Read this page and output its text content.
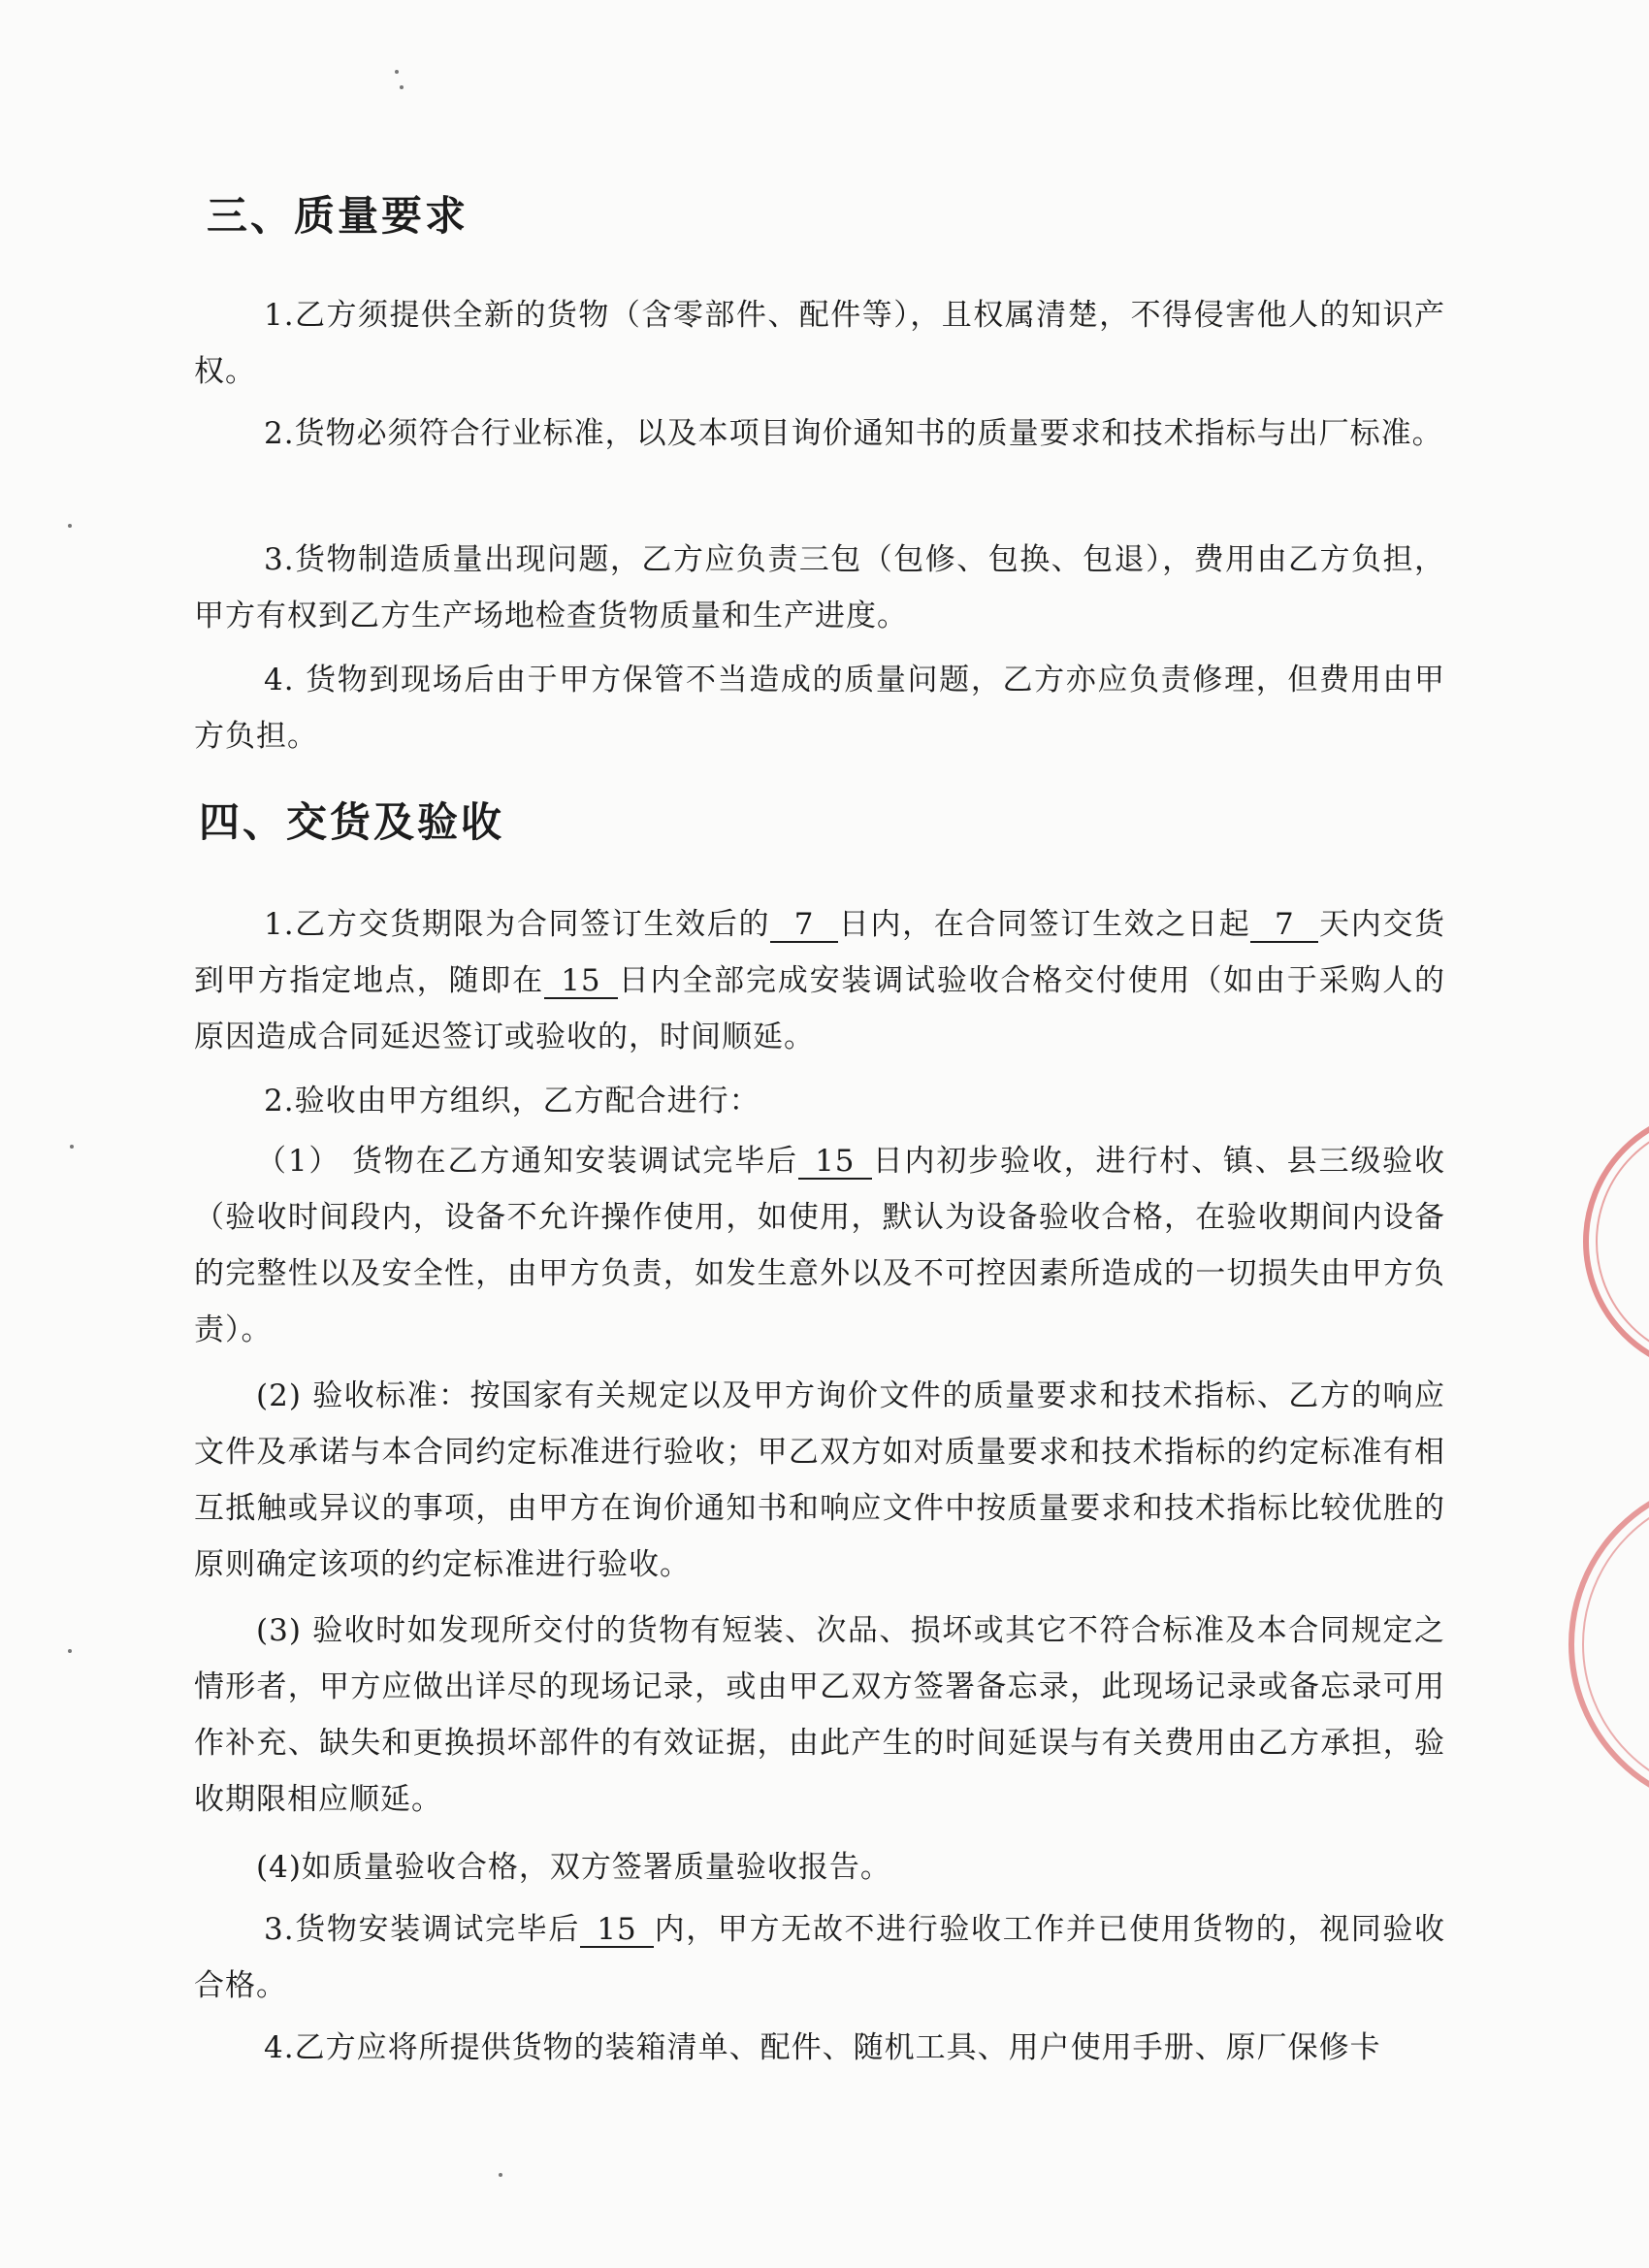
三、质量要求

1.乙方须提供全新的货物（含零部件、配件等），且权属清楚，不得侵害他人的知识产权。

2.货物必须符合行业标准，以及本项目询价通知书的质量要求和技术指标与出厂标准。

3.货物制造质量出现问题，乙方应负责三包（包修、包换、包退），费用由乙方负担，甲方有权到乙方生产场地检查货物质量和生产进度。

4. 货物到现场后由于甲方保管不当造成的质量问题，乙方亦应负责修理，但费用由甲方负担。

四、交货及验收

1.乙方交货期限为合同签订生效后的 7 日内，在合同签订生效之日起 7 天内交货到甲方指定地点，随即在 15 日内全部完成安装调试验收合格交付使用（如由于采购人的原因造成合同延迟签订或验收的，时间顺延。

2.验收由甲方组织，乙方配合进行：

（1） 货物在乙方通知安装调试完毕后 15 日内初步验收，进行村、镇、县三级验收（验收时间段内，设备不允许操作使用，如使用，默认为设备验收合格，在验收期间内设备的完整性以及安全性，由甲方负责，如发生意外以及不可控因素所造成的一切损失由甲方负责）。

(2) 验收标准：按国家有关规定以及甲方询价文件的质量要求和技术指标、乙方的响应文件及承诺与本合同约定标准进行验收；甲乙双方如对质量要求和技术指标的约定标准有相互抵触或异议的事项，由甲方在询价通知书和响应文件中按质量要求和技术指标比较优胜的原则确定该项的约定标准进行验收。

(3) 验收时如发现所交付的货物有短装、次品、损坏或其它不符合标准及本合同规定之情形者，甲方应做出详尽的现场记录，或由甲乙双方签署备忘录，此现场记录或备忘录可用作补充、缺失和更换损坏部件的有效证据，由此产生的时间延误与有关费用由乙方承担，验收期限相应顺延。

(4)如质量验收合格，双方签署质量验收报告。

3.货物安装调试完毕后 15 内，甲方无故不进行验收工作并已使用货物的，视同验收合格。

4.乙方应将所提供货物的装箱清单、配件、随机工具、用户使用手册、原厂保修卡
